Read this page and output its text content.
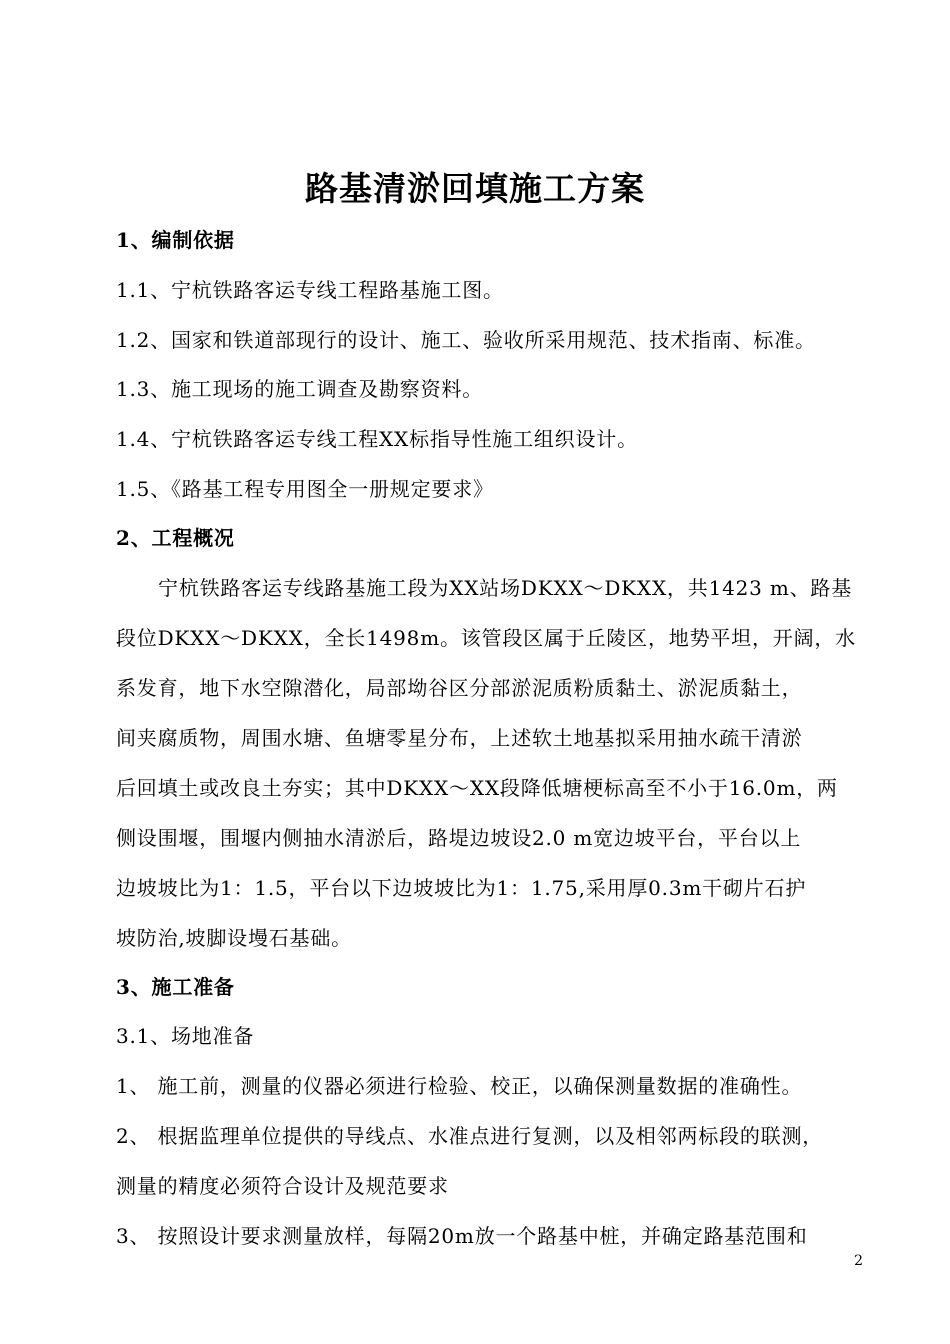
路基清淤回填施工方案
1、编制依据
1.1、宁杭铁路客运专线工程路基施工图。
1.2、国家和铁道部现行的设计、施工、验收所采用规范、技术指南、标准。
1.3、施工现场的施工调查及勘察资料。
1.4、宁杭铁路客运专线工程XX标指导性施工组织设计。
1.5、《路基工程专用图全一册规定要求》
2、工程概况
宁杭铁路客运专线路基施工段为XX站场DKXX～DKXX，共1423 m、路基
段位DKXX～DKXX，全长1498m。该管段区属于丘陵区，地势平坦，开阔，水
系发育，地下水空隙潜化，局部坳谷区分部淤泥质粉质黏土、淤泥质黏土，
间夹腐质物，周围水塘、鱼塘零星分布，上述软土地基拟采用抽水疏干清淤
后回填土或改良土夯实；其中DKXX～XX段降低塘梗标高至不小于16.0m，两
侧设围堰，围堰内侧抽水清淤后，路堤边坡设2.0 m宽边坡平台，平台以上
边坡坡比为1：1.5，平台以下边坡坡比为1：1.75,采用厚0.3m干砌片石护
坡防治,坡脚设墁石基础。
3、施工准备
3.1、场地准备
1、 施工前，测量的仪器必须进行检验、校正，以确保测量数据的准确性。
2、 根据监理单位提供的导线点、水准点进行复测，以及相邻两标段的联测，
测量的精度必须符合设计及规范要求
3、 按照设计要求测量放样，每隔20m放一个路基中桩，并确定路基范围和
2
